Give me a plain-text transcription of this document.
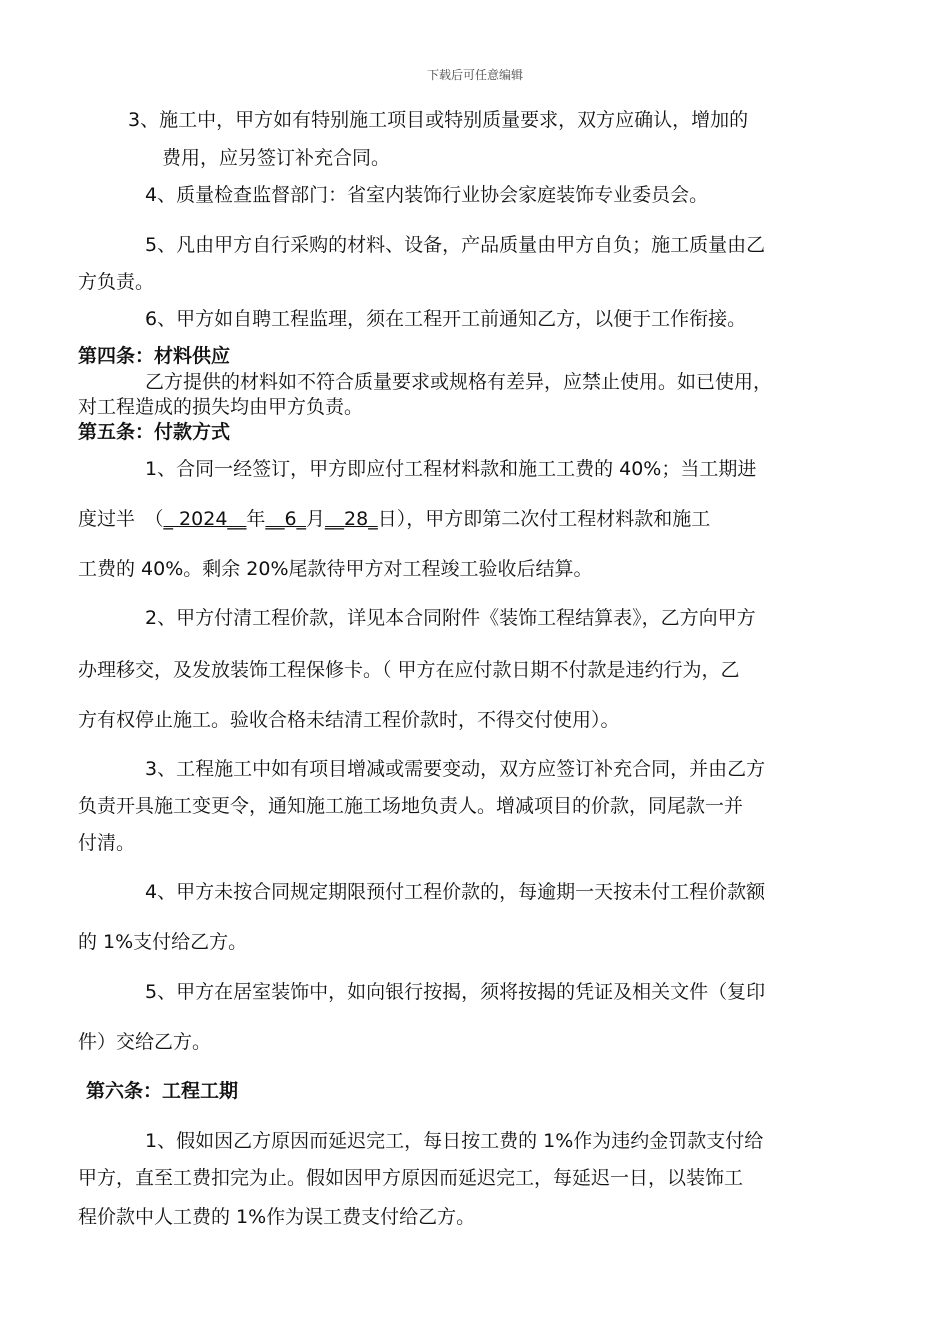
下载后可任意编辑
3、施工中，甲方如有特别施工项目或特别质量要求，双方应确认，增加的
费用，应另签订补充合同。
4、质量检查监督部门：省室内装饰行业协会家庭装饰专业委员会。
5、凡由甲方自行采购的材料、设备，产品质量由甲方自负；施工质量由乙
方负责。
6、甲方如自聘工程监理，须在工程开工前通知乙方，以便于工作衔接。
第四条：材料供应
乙方提供的材料如不符合质量要求或规格有差异，应禁止使用。如已使用，
对工程造成的损失均由甲方负责。
第五条：付款方式
1、合同一经签订，甲方即应付工程材料款和施工工费的 40%；当工期进
度过半　（_ 2024__年__6_月__28_日），甲方即第二次付工程材料款和施工
工费的 40%。剩余 20%尾款待甲方对工程竣工验收后结算。
2、甲方付清工程价款，详见本合同附件《装饰工程结算表》，乙方向甲方
办理移交，及发放装饰工程保修卡。（ 甲方在应付款日期不付款是违约行为，乙
方有权停止施工。验收合格未结清工程价款时，不得交付使用）。
3、工程施工中如有项目增减或需要变动，双方应签订补充合同，并由乙方
负责开具施工变更令，通知施工施工场地负责人。增减项目的价款，同尾款一并
付清。
4、甲方未按合同规定期限预付工程价款的，每逾期一天按未付工程价款额
的 1%支付给乙方。
5、甲方在居室装饰中，如向银行按揭，须将按揭的凭证及相关文件（复印
件）交给乙方。
第六条：工程工期
1、假如因乙方原因而延迟完工，每日按工费的 1%作为违约金罚款支付给
甲方，直至工费扣完为止。假如因甲方原因而延迟完工，每延迟一日，以装饰工
程价款中人工费的 1%作为误工费支付给乙方。
